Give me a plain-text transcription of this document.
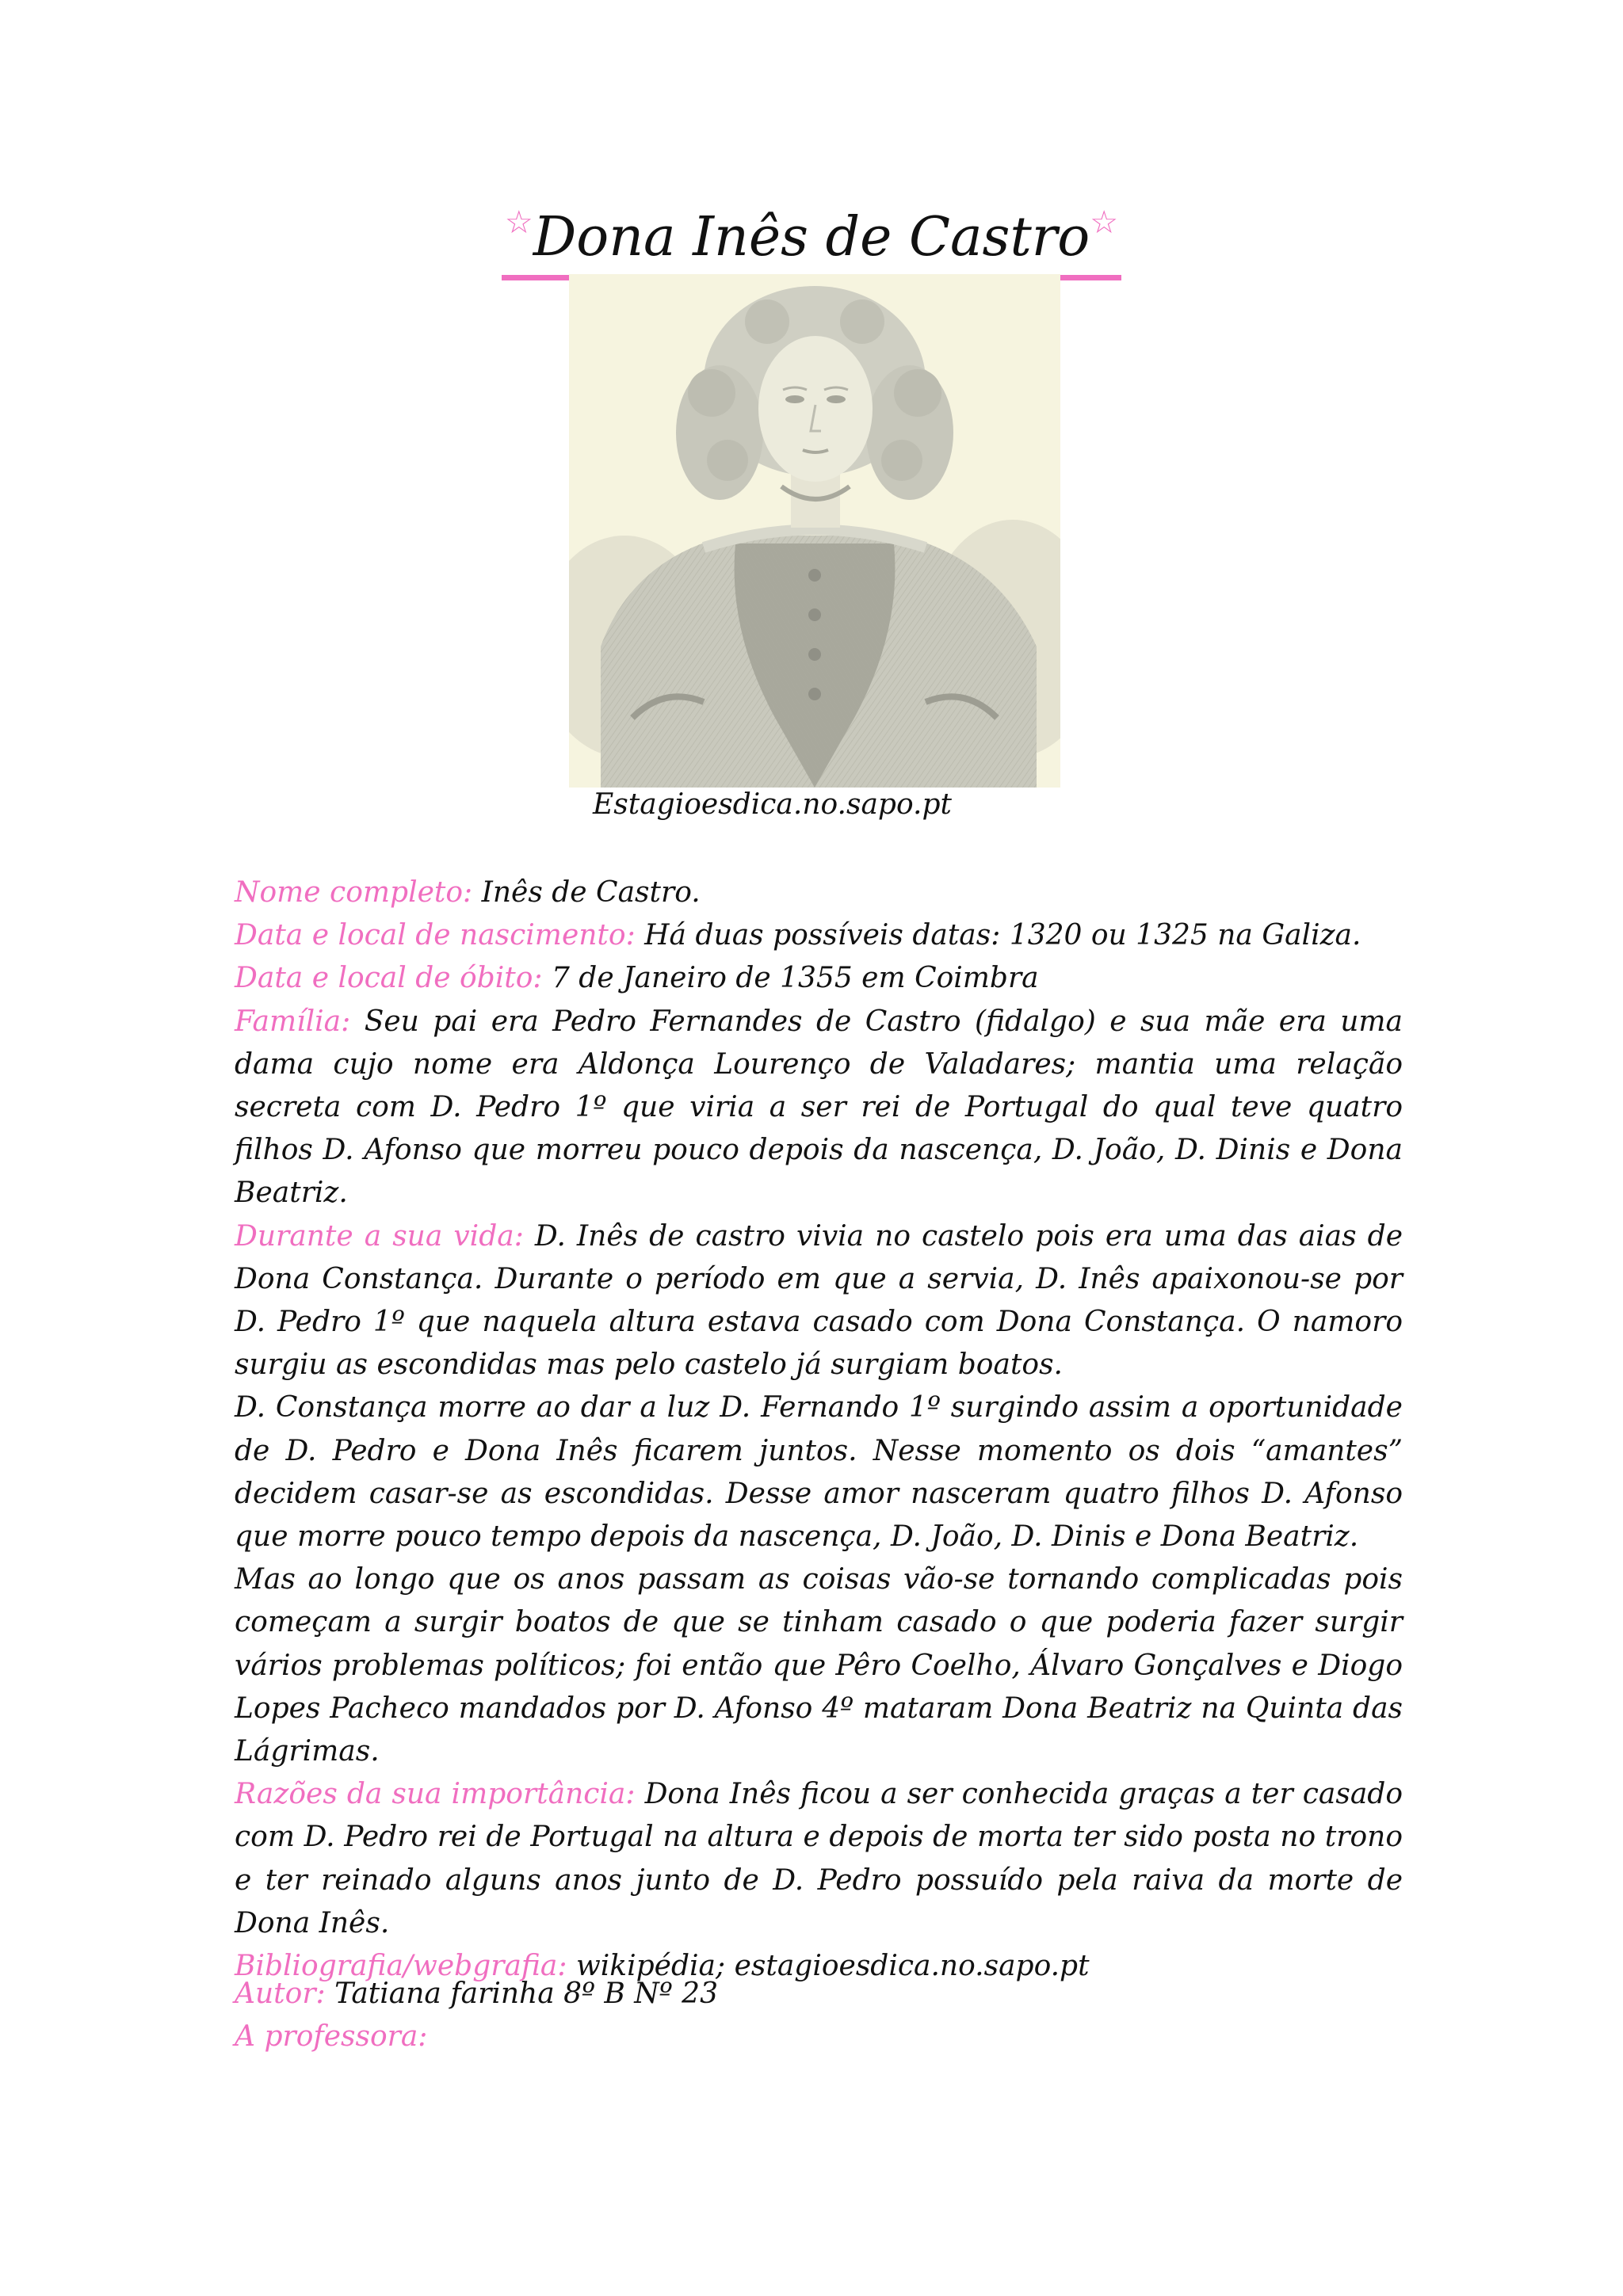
☆Dona Inês de Castro☆
Estagioesdica.no.sapo.pt

Nome completo: Inês de Castro.

Data e local de nascimento: Há duas possíveis datas: 1320 ou 1325 na Galiza.

Data e local de óbito: 7 de Janeiro de 1355 em Coimbra

Família: Seu pai era Pedro Fernandes de Castro (fidalgo) e sua mãe era uma dama cujo nome era Aldonça Lourenço de Valadares; mantia uma relação secreta com D. Pedro 1º que viria a ser rei de Portugal do qual teve quatro filhos D. Afonso que morreu pouco depois da nascença, D. João, D. Dinis e Dona Beatriz.

Durante a sua vida: D. Inês de castro vivia no castelo pois era uma das aias de Dona Constança. Durante o período em que a servia, D. Inês apaixonou-se por D. Pedro 1º que naquela altura estava casado com Dona Constança. O namoro surgiu as escondidas mas pelo castelo já surgiam boatos.

D. Constança morre ao dar a luz D. Fernando 1º surgindo assim a oportunidade de D. Pedro e Dona Inês ficarem juntos. Nesse momento os dois “amantes” decidem casar-se as escondidas. Desse amor nasceram quatro filhos D. Afonso que morre pouco tempo depois da nascença, D. João, D. Dinis e Dona Beatriz.

Mas ao longo que os anos passam as coisas vão-se tornando complicadas pois começam a surgir boatos de que se tinham casado o que poderia fazer surgir vários problemas políticos; foi então que Pêro Coelho, Álvaro Gonçalves e Diogo Lopes Pacheco mandados por D. Afonso 4º mataram Dona Beatriz na Quinta das Lágrimas.

Razões da sua importância: Dona Inês ficou a ser conhecida graças a ter casado com D. Pedro rei de Portugal na altura e depois de morta ter sido posta no trono e ter reinado alguns anos junto de D. Pedro possuído pela raiva da morte de Dona Inês.

Bibliografia/webgrafia: wikipédia; estagioesdica.no.sapo.pt

Autor: Tatiana farinha 8º B Nº 23

A professora:
